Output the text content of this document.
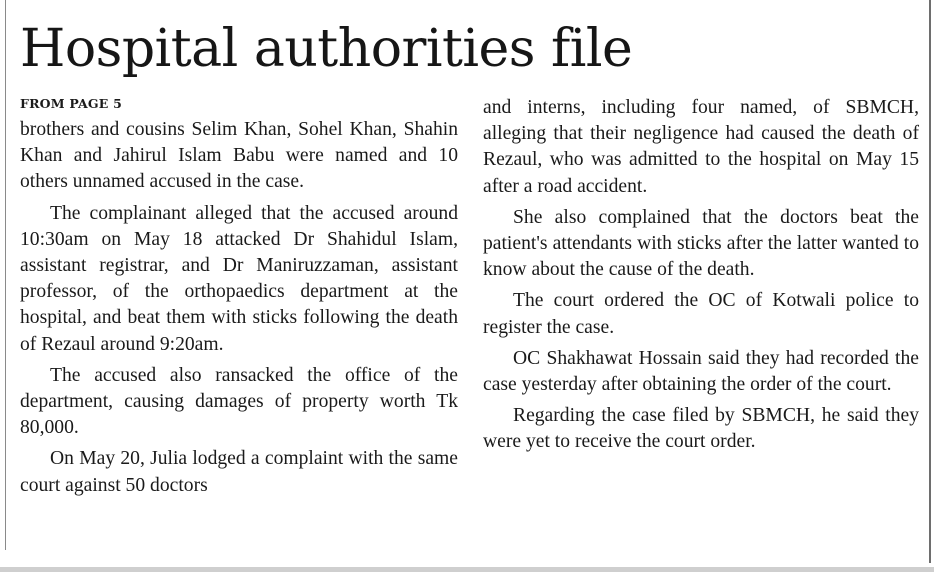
Hospital authorities file
FROM PAGE 5

brothers and cousins Selim Khan, Sohel Khan, Shahin Khan and Jahirul Islam Babu were named and 10 others unnamed accused in the case.

The complainant alleged that the accused around 10:30am on May 18 attacked Dr Shahidul Islam, assistant registrar, and Dr Maniruzzaman, assistant professor, of the orthopaedics department at the hospital, and beat them with sticks following the death of Rezaul around 9:20am.

The accused also ransacked the office of the department, causing damages of property worth Tk 80,000.

On May 20, Julia lodged a complaint with the same court against 50 doctors

and interns, including four named, of SBMCH, alleging that their negligence had caused the death of Rezaul, who was admitted to the hospital on May 15 after a road accident.

She also complained that the doctors beat the patient's attendants with sticks after the latter wanted to know about the cause of the death.

The court ordered the OC of Kotwali police to register the case.

OC Shakhawat Hossain said they had recorded the case yesterday after obtaining the order of the court.

Regarding the case filed by SBMCH, he said they were yet to receive the court order.
